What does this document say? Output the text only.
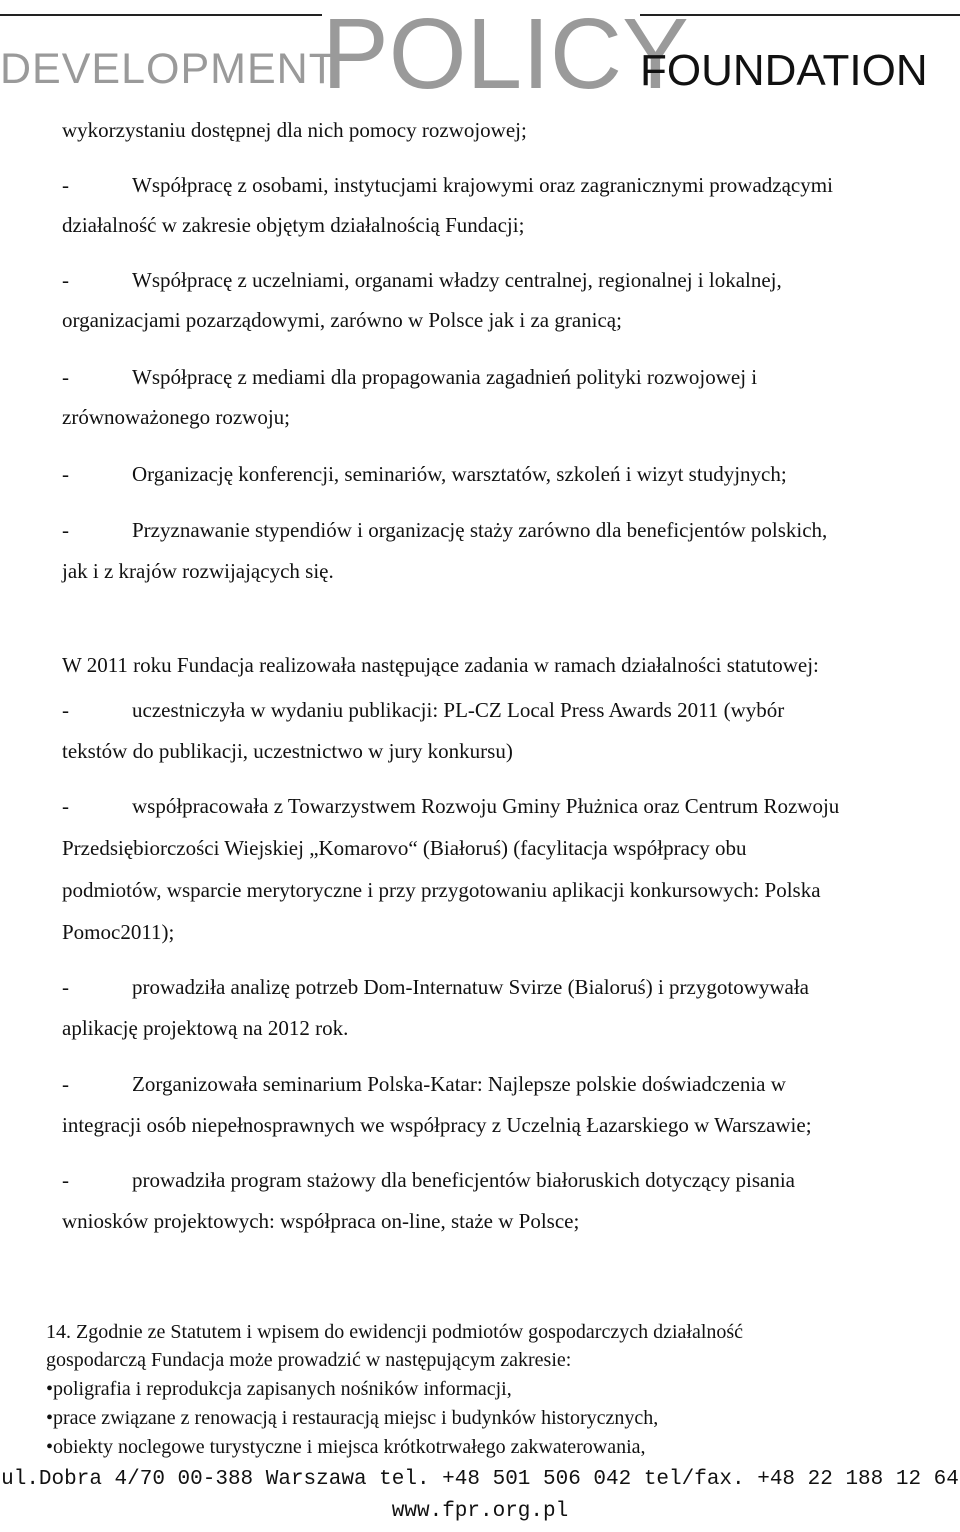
DEVELOPMENT
POLICY
FOUNDATION
wykorzystaniu dostępnej dla nich pomocy rozwojowej;
-	Współpracę z osobami, instytucjami krajowymi oraz zagranicznymi prowadzącymi
działalność w zakresie objętym działalnością Fundacji;
-	Współpracę z uczelniami, organami władzy centralnej, regionalnej i lokalnej,
organizacjami pozarządowymi, zarówno w Polsce jak i za granicą;
-	Współpracę z mediami dla propagowania zagadnień polityki rozwojowej i
zrównoważonego rozwoju;
-	Organizację konferencji, seminariów, warsztatów, szkoleń i wizyt studyjnych;
-	Przyznawanie stypendiów i organizację staży zarówno dla beneficjentów polskich,
jak i z krajów rozwijających się.
W 2011 roku Fundacja realizowała następujące zadania w ramach działalności statutowej:
-	uczestniczyła w wydaniu publikacji: PL-CZ Local Press Awards 2011 (wybór
tekstów do publikacji, uczestnictwo w jury konkursu)
-	współpracowała z Towarzystwem Rozwoju Gminy Płużnica oraz Centrum Rozwoju
Przedsiębiorczości Wiejskiej „Komarovo“ (Białoruś) (facylitacja współpracy obu
podmiotów, wsparcie merytoryczne i przy przygotowaniu aplikacji konkursowych: Polska
Pomoc2011);
-	prowadziła analizę potrzeb Dom-Internatuw Svirze (Bialoruś) i przygotowywała
aplikację projektową na 2012 rok.
-	Zorganizowała seminarium Polska-Katar: Najlepsze polskie doświadczenia w
integracji osób niepełnosprawnych we współpracy z Uczelnią Łazarskiego w Warszawie;
-	prowadziła program stażowy dla beneficjentów białoruskich dotyczący pisania
wniosków projektowych: współpraca on-line, staże w Polsce;
14. Zgodnie ze Statutem i wpisem do ewidencji podmiotów gospodarczych działalność
gospodarczą Fundacja może prowadzić w następującym zakresie:
•poligrafia i reprodukcja zapisanych nośników informacji,
•prace związane z renowacją i restauracją miejsc i budynków historycznych,
•obiekty noclegowe turystyczne i miejsca krótkotrwałego zakwaterowania,
ul.Dobra 4/70 00-388 Warszawa tel. +48 501 506 042 tel/fax. +48 22 188 12 64
www.fpr.org.pl
